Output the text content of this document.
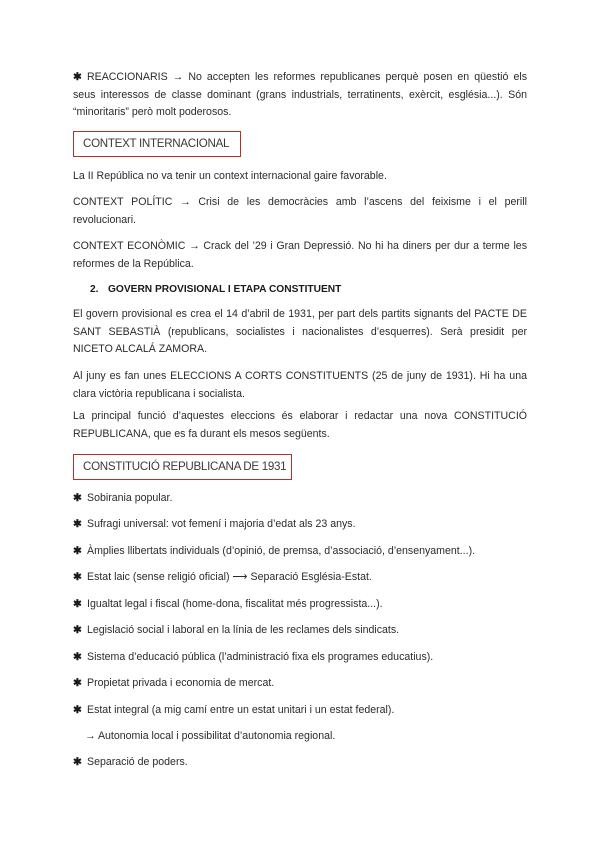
✱ REACCIONARIS → No accepten les reformes republicanes perquè posen en qüestió els seus interessos de classe dominant (grans industrials, terratinents, exèrcit, església...). Són “minoritaris” però molt poderosos.
CONTEXT INTERNACIONAL
La II República no va tenir un context internacional gaire favorable.
CONTEXT POLÍTIC → Crisi de les democràcies amb l’ascens del feixisme i el perill revolucionari.
CONTEXT ECONÒMIC → Crack del ’29 i Gran Depressió. No hi ha diners per dur a terme les reformes de la República.
2. GOVERN PROVISIONAL I ETAPA CONSTITUENT
El govern provisional es crea el 14 d’abril de 1931, per part dels partits signants del PACTE DE SANT SEBASTIÀ (republicans, socialistes i nacionalistes d’esquerres). Serà presidit per NICETO ALCALÁ ZAMORA.
Al juny es fan unes ELECCIONS A CORTS CONSTITUENTS (25 de juny de 1931). Hi ha una clara victòria republicana i socialista.
La principal funció d’aquestes eleccions és elaborar i redactar una nova CONSTITUCIÓ REPUBLICANA, que es fa durant els mesos següents.
CONSTITUCIÓ REPUBLICANA DE 1931
✱ Sobirania popular.
✱ Sufragi universal: vot femení i majoria d’edat als 23 anys.
✱ Àmplies llibertats individuals (d’opinió, de premsa, d’associació, d’ensenyament...).
✱ Estat laic (sense religió oficial) ⟶ Separació Església-Estat.
✱ Igualtat legal i fiscal (home-dona, fiscalitat més progressista...).
✱ Legislació social i laboral en la línia de les reclames dels sindicats.
✱ Sistema d’educació pública (l’administració fixa els programes educatius).
✱ Propietat privada i economia de mercat.
✱ Estat integral (a mig camí entre un estat unitari i un estat federal).
→ Autonomia local i possibilitat d’autonomia regional.
✱ Separació de poders.
